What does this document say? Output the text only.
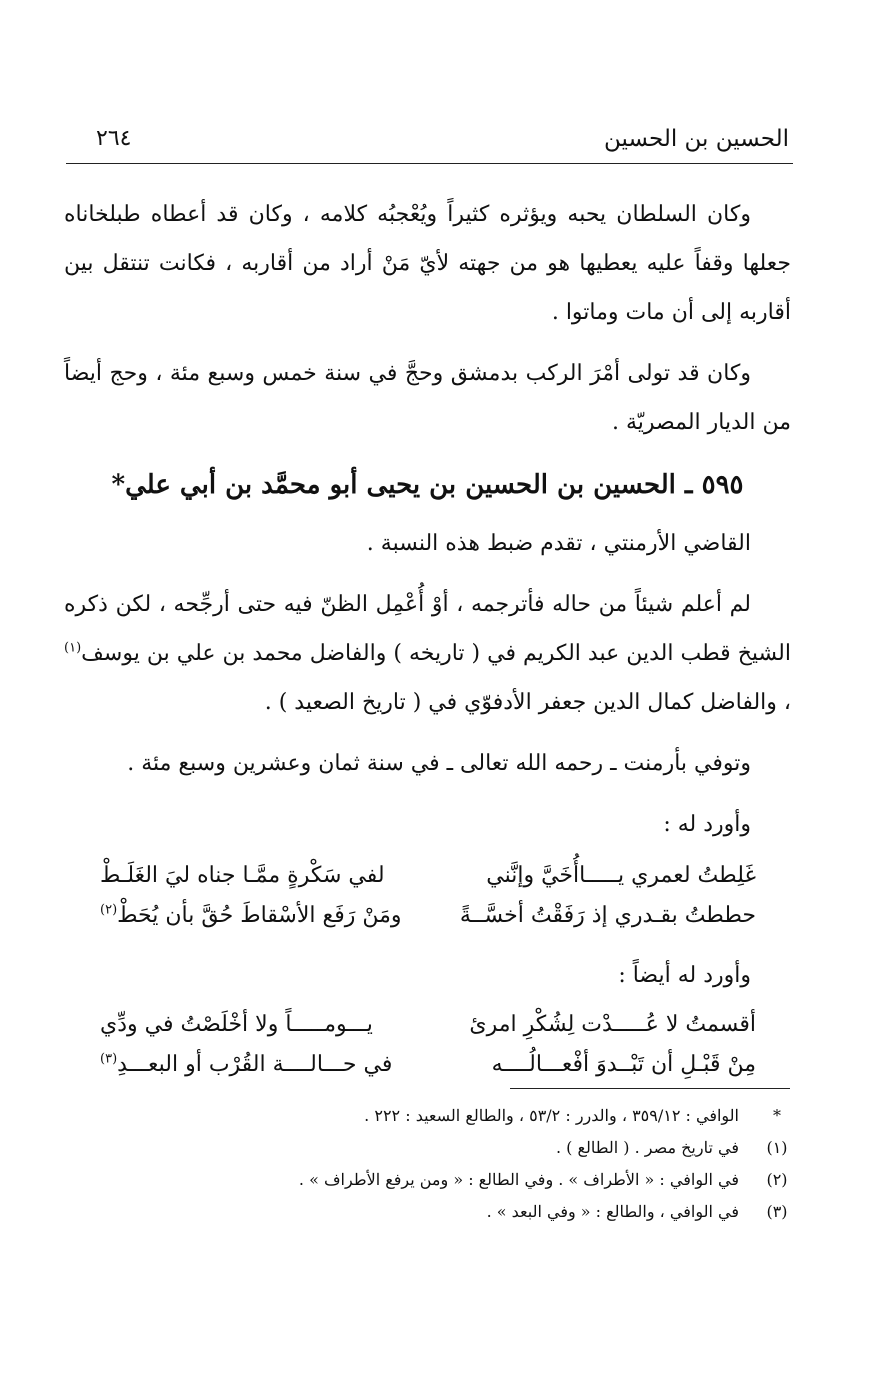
الحسين بن الحسين
٢٦٤

وكان السلطان يحبه ويؤثره كثيراً ويُعْجبُه كلامه ، وكان قد أعطاه طبلخاناه جعلها وقفاً عليه يعطيها هو من جهته لأيّ مَنْ أراد من أقاربه ، فكانت تنتقل بين أقاربه إلى أن مات وماتوا .

وكان قد تولى أمْرَ الركب بدمشق وحجَّ في سنة خمس وسبع مئة ، وحج أيضاً من الديار المصريّة .

٥٩٥ ـ الحسين بن الحسين بن يحيى أبو محمَّد بن أبي علي*

القاضي الأرمنتي ، تقدم ضبط هذه النسبة .

لم أعلم شيئاً من حاله فأترجمه ، أوْ أُعْمِل الظنّ فيه حتى أرجِّحه ، لكن ذكره الشيخ قطب الدين عبد الكريم في ( تاريخه ) والفاضل محمد بن علي بن يوسف$^{(١)}$ ، والفاضل كمال الدين جعفر الأدفوّي في ( تاريخ الصعيد ) .

وتوفي بأرمنت ـ رحمه الله تعالى ـ في سنة ثمان وعشرين وسبع مئة .

وأورد له :

غَلِطتُ لعمري يـــــاأُخَيَّ وإنَّني
لفي سَكْرةٍ ممَّـا جناه ليَ الغَلَـطْ
حططتُ بقـدري إذ رَفَقْتُ أخسَّــةً
ومَنْ رَفَع الأسْقاطَ حُقَّ بأن يُحَطْ$^{(٢)}$

وأورد له أيضاً :

أقسمتُ لا عُـــــدْت لِشُكْرِ امرئ
يـــومـــــاً ولا أخْلَصْتُ في ودِّي
مِنْ قَبْـلِ أن تَبْــدوَ أفْعـــالُــــه
في حـــالــــة القُرْب أو البعـــدِ$^{(٣)}$
*
الوافي : ٣٥٩/١٢ ، والدرر : ٥٣/٢ ، والطالع السعيد : ٢٢٢ .
(١)
في تاريخ مصر . ( الطالع ) .
(٢)
في الوافي : « الأطراف » . وفي الطالع : « ومن يرفع الأطراف » .
(٣)
في الوافي ، والطالع : « وفي البعد » .
